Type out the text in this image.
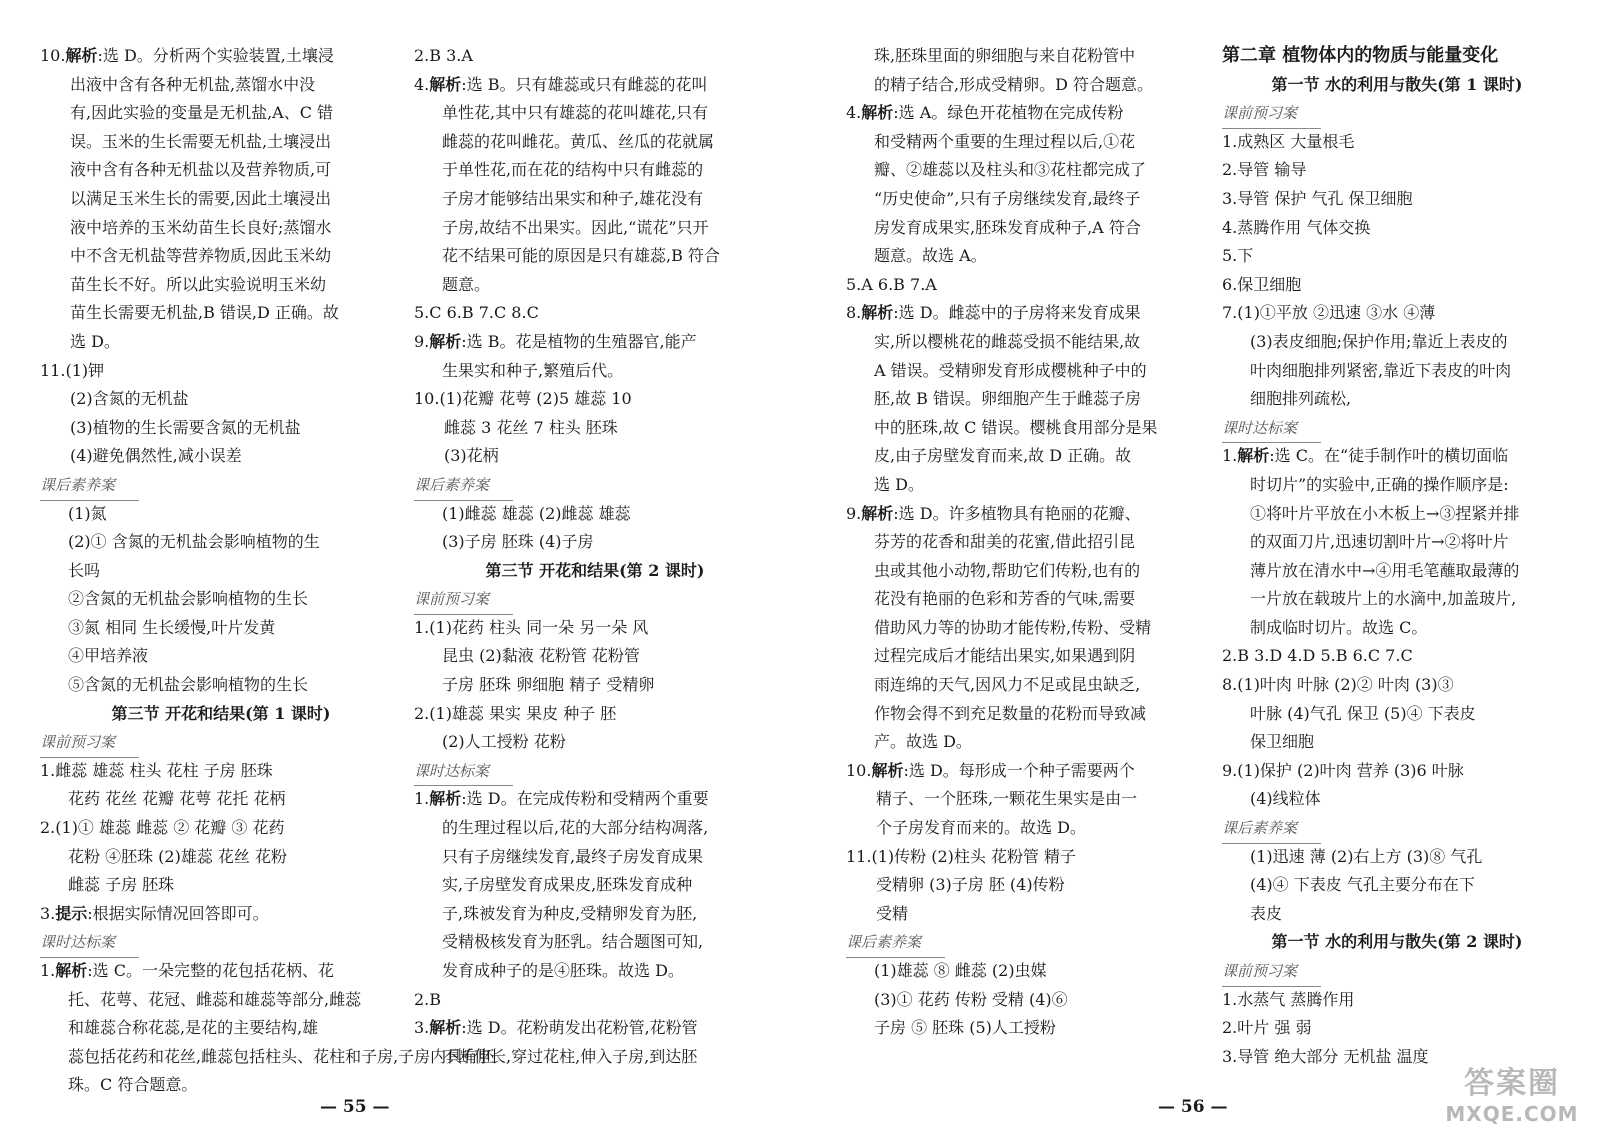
10.解析:选 D。分析两个实验装置,土壤浸
出液中含有各种无机盐,蒸馏水中没
有,因此实验的变量是无机盐,A、C 错
误。玉米的生长需要无机盐,土壤浸出
液中含有各种无机盐以及营养物质,可
以满足玉米生长的需要,因此土壤浸出
液中培养的玉米幼苗生长良好;蒸馏水
中不含无机盐等营养物质,因此玉米幼
苗生长不好。所以此实验说明玉米幼
苗生长需要无机盐,B 错误,D 正确。故
选 D。
11.(1)钾
(2)含氮的无机盐
(3)植物的生长需要含氮的无机盐
(4)避免偶然性,减小误差
课后素养案
(1)氮
(2)① 含氮的无机盐会影响植物的生
长吗
②含氮的无机盐会影响植物的生长
③氮 相同 生长缓慢,叶片发黄
④甲培养液
⑤含氮的无机盐会影响植物的生长
第三节 开花和结果(第 1 课时)
课前预习案
1.雌蕊 雄蕊 柱头 花柱 子房 胚珠
花药 花丝 花瓣 花萼 花托 花柄
2.(1)① 雄蕊 雌蕊 ② 花瓣 ③ 花药
花粉 ④胚珠 (2)雄蕊 花丝 花粉
雌蕊 子房 胚珠
3.提示:根据实际情况回答即可。
课时达标案
1.解析:选 C。一朵完整的花包括花柄、花
托、花萼、花冠、雌蕊和雄蕊等部分,雌蕊
和雄蕊合称花蕊,是花的主要结构,雄
蕊包括花药和花丝,雌蕊包括柱头、花柱和子房,子房内具有胚
珠。C 符合题意。
2.B 3.A
4.解析:选 B。只有雄蕊或只有雌蕊的花叫
单性花,其中只有雄蕊的花叫雄花,只有
雌蕊的花叫雌花。黄瓜、丝瓜的花就属
于单性花,而在花的结构中只有雌蕊的
子房才能够结出果实和种子,雄花没有
子房,故结不出果实。因此,“谎花”只开
花不结果可能的原因是只有雄蕊,B 符合
题意。
5.C 6.B 7.C 8.C
9.解析:选 B。花是植物的生殖器官,能产
生果实和种子,繁殖后代。
10.(1)花瓣 花萼 (2)5 雄蕊 10
雌蕊 3 花丝 7 柱头 胚珠
(3)花柄
课后素养案
(1)雌蕊 雄蕊 (2)雌蕊 雄蕊
(3)子房 胚珠 (4)子房
第三节 开花和结果(第 2 课时)
课前预习案
1.(1)花药 柱头 同一朵 另一朵 风
昆虫 (2)黏液 花粉管 花粉管
子房 胚珠 卵细胞 精子 受精卵
2.(1)雄蕊 果实 果皮 种子 胚
(2)人工授粉 花粉
课时达标案
1.解析:选 D。在完成传粉和受精两个重要
的生理过程以后,花的大部分结构凋落,
只有子房继续发育,最终子房发育成果
实,子房壁发育成果皮,胚珠发育成种
子,珠被发育为种皮,受精卵发育为胚,
受精极核发育为胚乳。结合题图可知,
发育成种子的是④胚珠。故选 D。
2.B
3.解析:选 D。花粉萌发出花粉管,花粉管
不断伸长,穿过花柱,伸入子房,到达胚
珠,胚珠里面的卵细胞与来自花粉管中
的精子结合,形成受精卵。D 符合题意。
4.解析:选 A。绿色开花植物在完成传粉
和受精两个重要的生理过程以后,①花
瓣、②雄蕊以及柱头和③花柱都完成了
“历史使命”,只有子房继续发育,最终子
房发育成果实,胚珠发育成种子,A 符合
题意。故选 A。
5.A 6.B 7.A
8.解析:选 D。雌蕊中的子房将来发育成果
实,所以樱桃花的雌蕊受损不能结果,故
A 错误。受精卵发育形成樱桃种子中的
胚,故 B 错误。卵细胞产生于雌蕊子房
中的胚珠,故 C 错误。樱桃食用部分是果
皮,由子房壁发育而来,故 D 正确。故
选 D。
9.解析:选 D。许多植物具有艳丽的花瓣、
芬芳的花香和甜美的花蜜,借此招引昆
虫或其他小动物,帮助它们传粉,也有的
花没有艳丽的色彩和芳香的气味,需要
借助风力等的协助才能传粉,传粉、受精
过程完成后才能结出果实,如果遇到阴
雨连绵的天气,因风力不足或昆虫缺乏,
作物会得不到充足数量的花粉而导致减
产。故选 D。
10.解析:选 D。每形成一个种子需要两个
精子、一个胚珠,一颗花生果实是由一
个子房发育而来的。故选 D。
11.(1)传粉 (2)柱头 花粉管 精子
受精卵 (3)子房 胚 (4)传粉
受精
课后素养案
(1)雄蕊 ⑧ 雌蕊 (2)虫媒
(3)① 花药 传粉 受精 (4)⑥
子房 ⑤ 胚珠 (5)人工授粉
第二章 植物体内的物质与能量变化
第一节 水的利用与散失(第 1 课时)
课前预习案
1.成熟区 大量根毛
2.导管 输导
3.导管 保护 气孔 保卫细胞
4.蒸腾作用 气体交换
5.下
6.保卫细胞
7.(1)①平放 ②迅速 ③水 ④薄
(3)表皮细胞;保护作用;靠近上表皮的
叶肉细胞排列紧密,靠近下表皮的叶肉
细胞排列疏松,
课时达标案
1.解析:选 C。在“徒手制作叶的横切面临
时切片”的实验中,正确的操作顺序是:
①将叶片平放在小木板上→③捏紧并排
的双面刀片,迅速切割叶片→②将叶片
薄片放在清水中→④用毛笔蘸取最薄的
一片放在载玻片上的水滴中,加盖玻片,
制成临时切片。故选 C。
2.B 3.D 4.D 5.B 6.C 7.C
8.(1)叶肉 叶脉 (2)② 叶肉 (3)③
叶脉 (4)气孔 保卫 (5)④ 下表皮
保卫细胞
9.(1)保护 (2)叶肉 营养 (3)6 叶脉
(4)线粒体
课后素养案
(1)迅速 薄 (2)右上方 (3)⑧ 气孔
(4)④ 下表皮 气孔主要分布在下
表皮
第一节 水的利用与散失(第 2 课时)
课前预习案
1.水蒸气 蒸腾作用
2.叶片 强 弱
3.导管 绝大部分 无机盐 温度
— 55 —	— 56 —
答案圈
MXQE.COM
